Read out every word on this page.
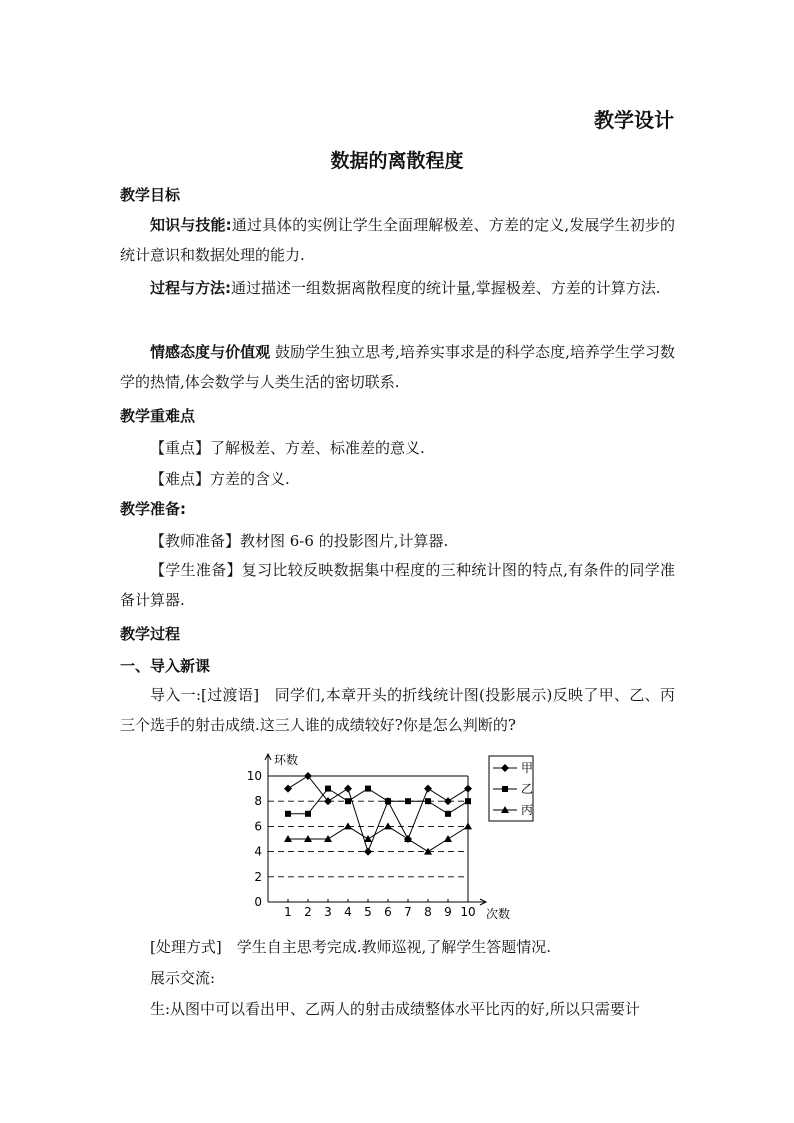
教学设计
数据的离散程度
教学目标
知识与技能:通过具体的实例让学生全面理解极差、方差的定义,发展学生初步的统计意识和数据处理的能力.
过程与方法:通过描述一组数据离散程度的统计量,掌握极差、方差的计算方法.
情感态度与价值观 鼓励学生独立思考,培养实事求是的科学态度,培养学生学习数学的热情,体会数学与人类生活的密切联系.
教学重难点
【重点】了解极差、方差、标准差的意义.
【难点】方差的含义.
教学准备:
【教师准备】教材图 6-6 的投影图片,计算器.
【学生准备】复习比较反映数据集中程度的三种统计图的特点,有条件的同学准备计算器.
教学过程
一、导入新课
导入一:[过渡语]　同学们,本章开头的折线统计图(投影展示)反映了甲、乙、丙三个选手的射击成绩.这三人谁的成绩较好?你是怎么判断的?
0
2
4
6
8
10
1 2 3 4 5 6 7 8 9 10
环数
次数
甲
乙
丙
[处理方式]　学生自主思考完成.教师巡视,了解学生答题情况.
展示交流:
生:从图中可以看出甲、乙两人的射击成绩整体水平比丙的好,所以只需要计
